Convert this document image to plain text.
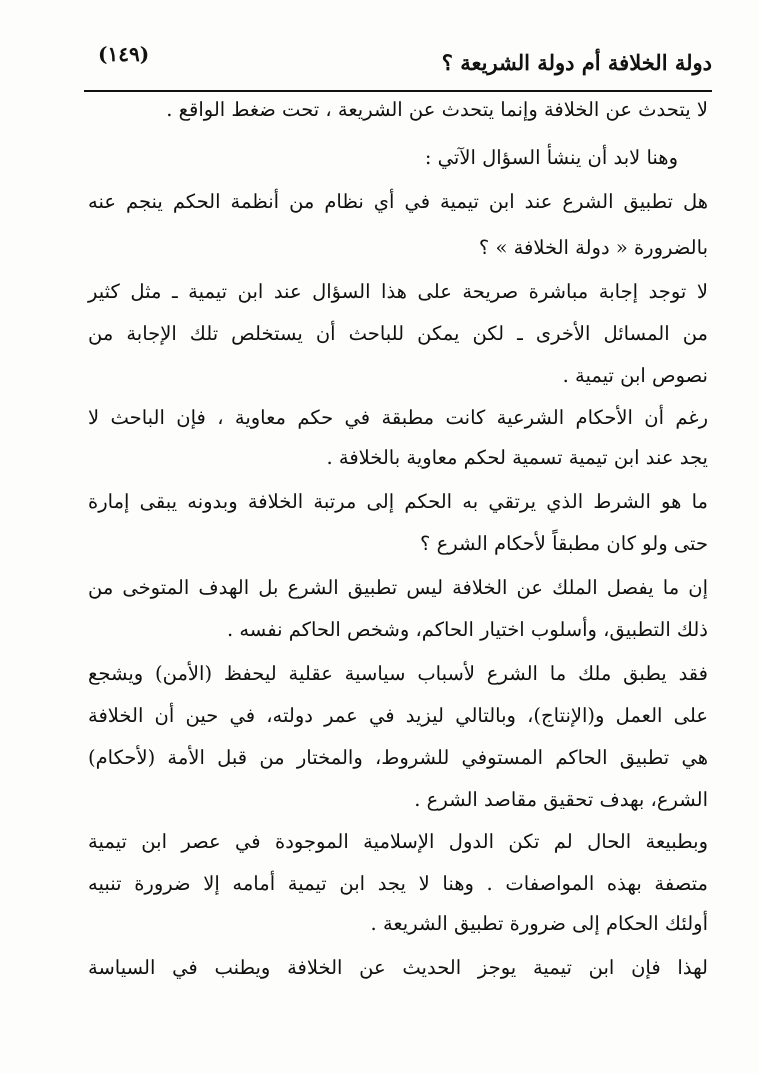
دولة الخلافة أم دولة الشريعة ؟
(١٤٩)
لا يتحدث عن الخلافة وإنما يتحدث عن الشريعة ، تحت ضغط الواقع .
وهنا لابد أن ينشأ السؤال الآتي :
هل تطبيق الشرع عند ابن تيمية في أي نظام من أنظمة الحكم ينجم عنه
بالضرورة « دولة الخلافة » ؟
لا توجد إجابة مباشرة صريحة على هذا السؤال عند ابن تيمية ـ مثل كثير
من المسائل الأخرى ـ لكن يمكن للباحث أن يستخلص تلك الإجابة من
نصوص ابن تيمية .
رغم أن الأحكام الشرعية كانت مطبقة في حكم معاوية ، فإن الباحث لا
يجد عند ابن تيمية تسمية لحكم معاوية بالخلافة .
ما هو الشرط الذي يرتقي به الحكم إلى مرتبة الخلافة وبدونه يبقى إمارة
حتى ولو كان مطبقاً لأحكام الشرع ؟
إن ما يفصل الملك عن الخلافة ليس تطبيق الشرع بل الهدف المتوخى من
ذلك التطبيق، وأسلوب اختيار الحاكم، وشخص الحاكم نفسه .
فقد يطبق ملك ما الشرع لأسباب سياسية عقلية ليحفظ (الأمن) ويشجع
على العمل و(الإنتاج)، وبالتالي ليزيد في عمر دولته، في حين أن الخلافة
هي تطبيق الحاكم المستوفي للشروط، والمختار من قبل الأمة (لأحكام)
الشرع، بهدف تحقيق مقاصد الشرع .
وبطبيعة الحال لم تكن الدول الإسلامية الموجودة في عصر ابن تيمية
متصفة بهذه المواصفات . وهنا لا يجد ابن تيمية أمامه إلا ضرورة تنبيه
أولئك الحكام إلى ضرورة تطبيق الشريعة .
لهذا فإن ابن تيمية يوجز الحديث عن الخلافة ويطنب في السياسة
